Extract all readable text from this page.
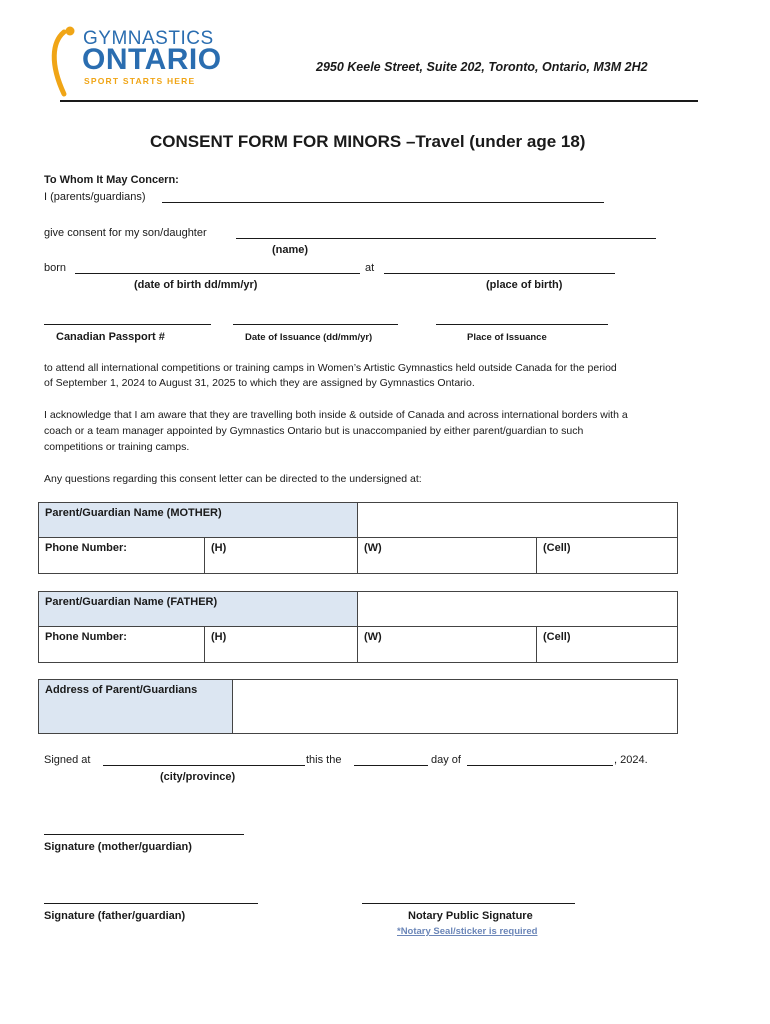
GYMNASTICS
ONTARIO
SPORT STARTS HERE
2950 Keele Street, Suite 202, Toronto, Ontario, M3M 2H2
CONSENT FORM FOR MINORS –Travel (under age 18)
To Whom It May Concern:
I (parents/guardians)
give consent for my son/daughter
(name)
born	at
(date of birth dd/mm/yr)	(place of birth)
Canadian Passport #	Date of Issuance (dd/mm/yr)	Place of Issuance
to attend all international competitions or training camps in Women’s Artistic Gymnastics held outside Canada for the period
of September 1, 2024 to August 31, 2025 to which they are assigned by Gymnastics Ontario.
I acknowledge that I am aware that they are travelling both inside & outside of Canada and across international borders with a
coach or a team manager appointed by Gymnastics Ontario but is unaccompanied by either parent/guardian to such
competitions or training camps.
Any questions regarding this consent letter can be directed to the undersigned at:
Parent/Guardian Name (MOTHER)
Phone Number:	(H)	(W)	(Cell)
Parent/Guardian Name (FATHER)
Phone Number:	(H)	(W)	(Cell)
Address of Parent/Guardians
Signed at	this the	day of	, 2024.
(city/province)
Signature (mother/guardian)
Signature (father/guardian)	Notary Public Signature
*Notary Seal/sticker is required
